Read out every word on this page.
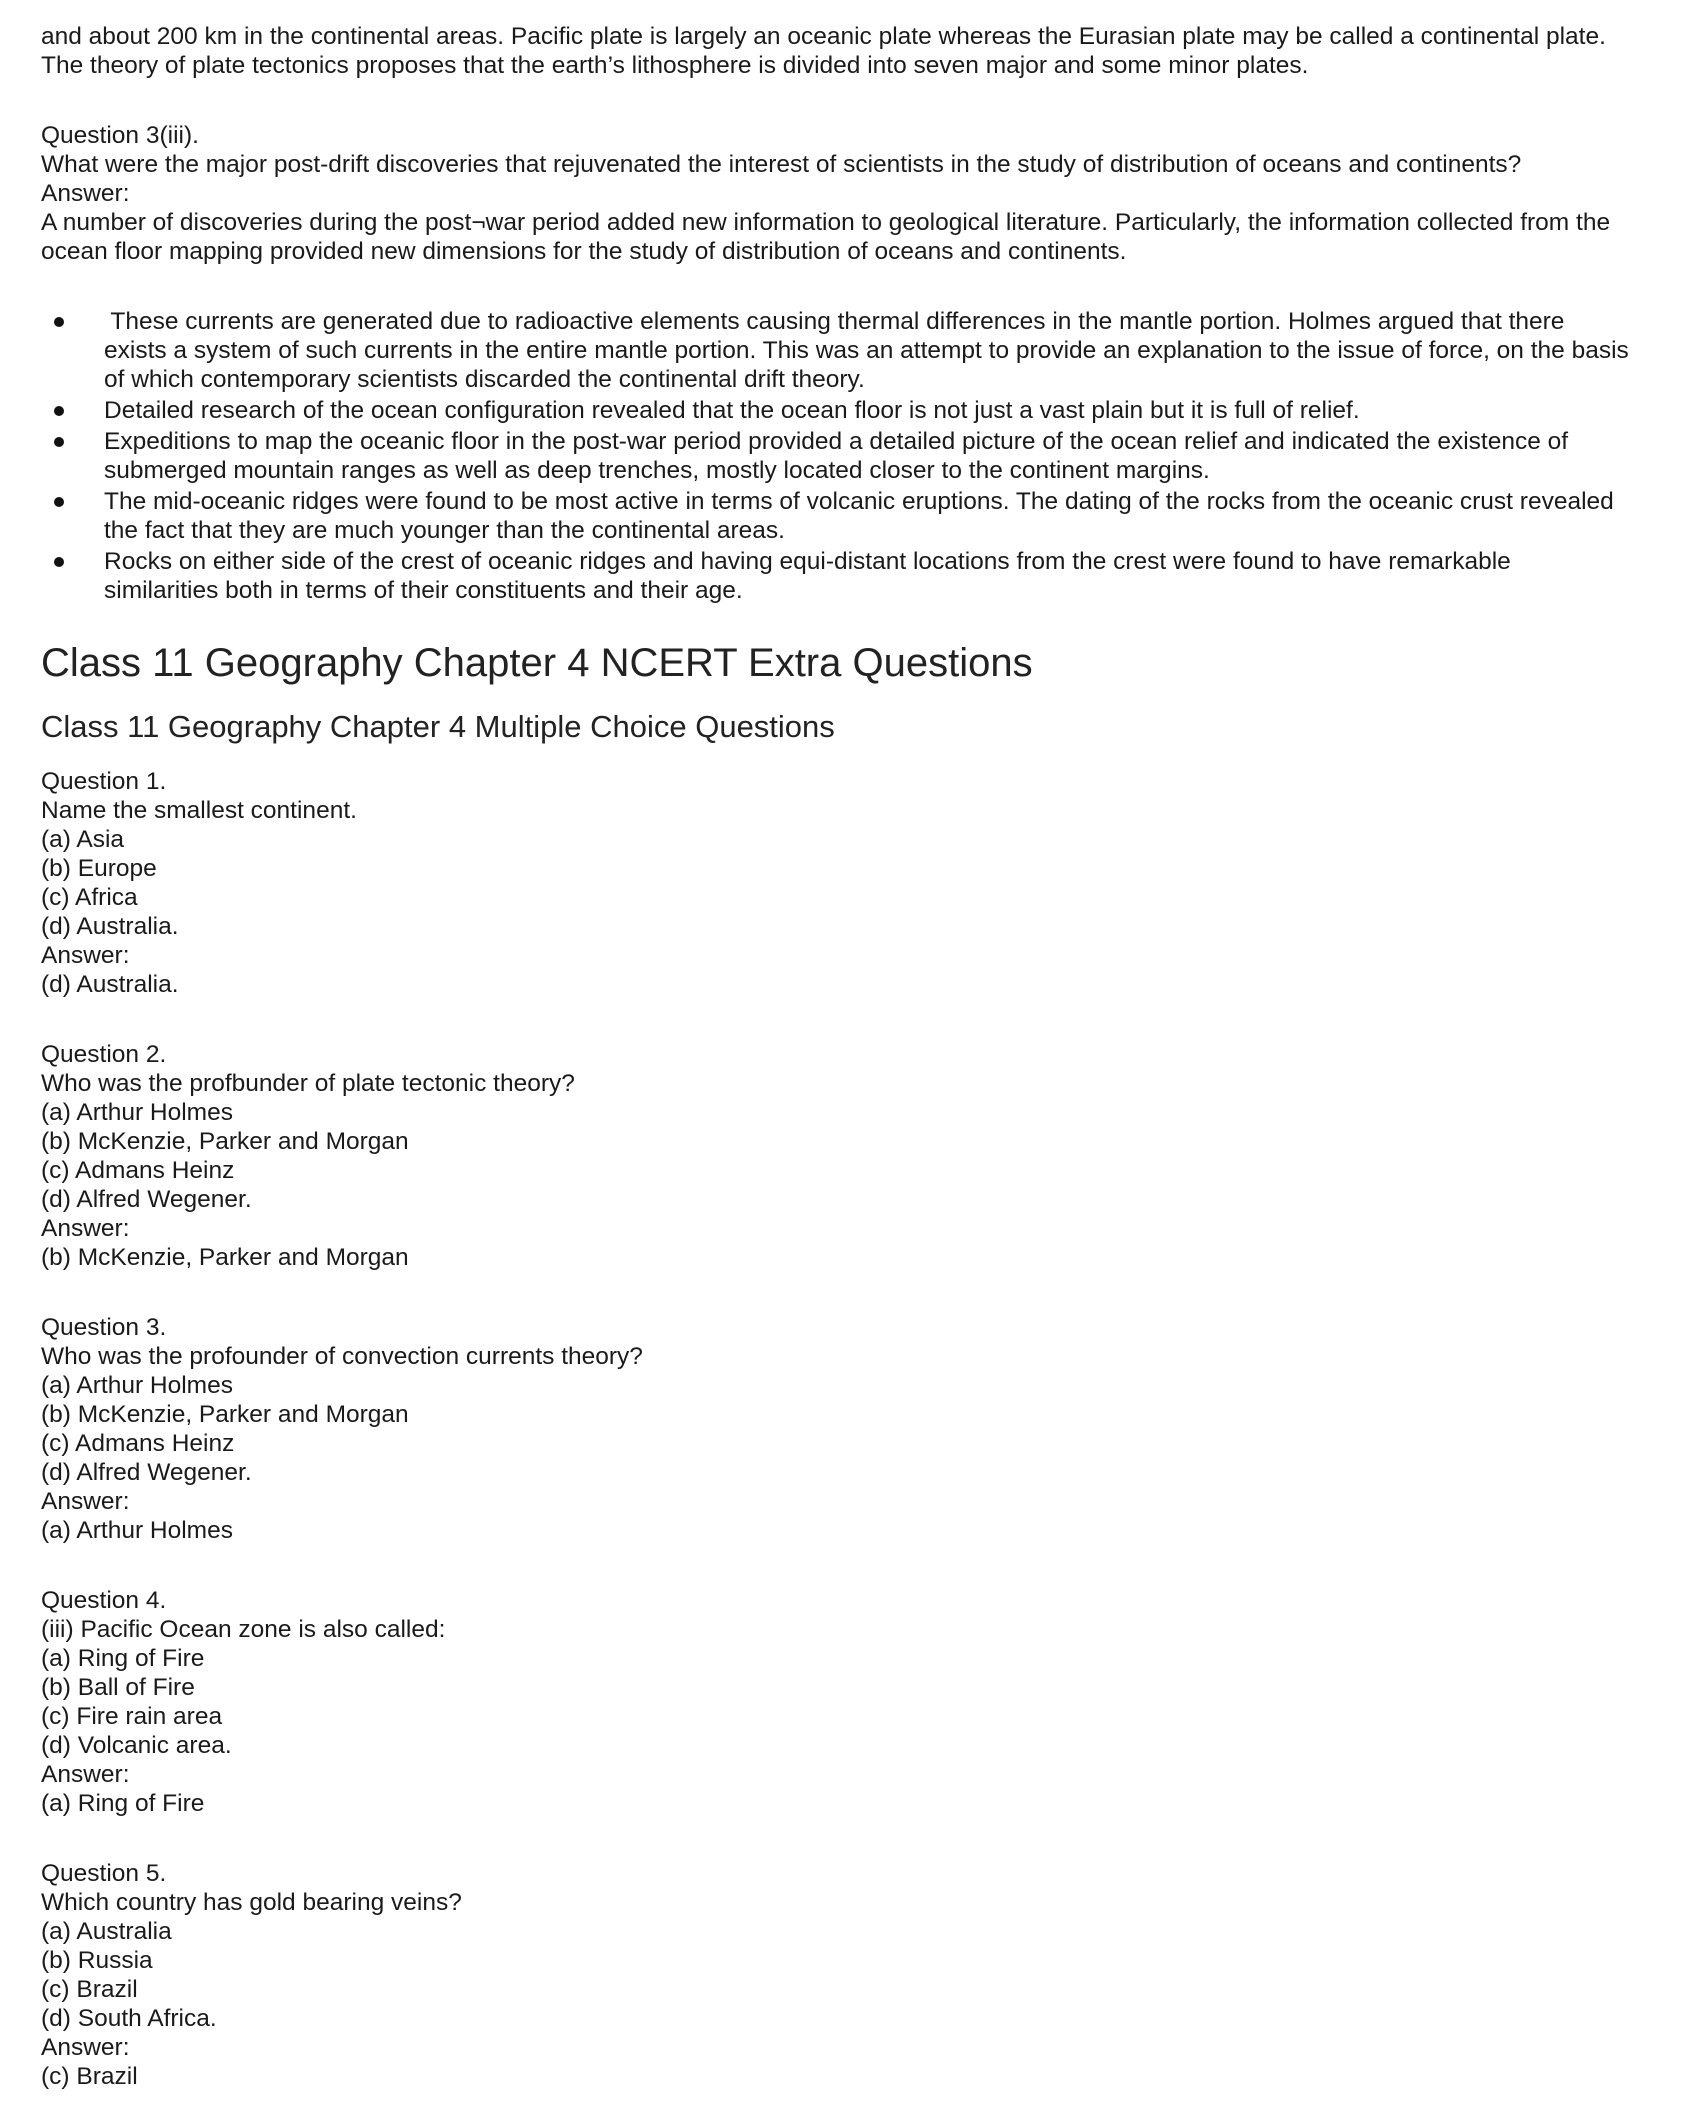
and about 200 km in the continental areas. Pacific plate is largely an oceanic plate whereas the Eurasian plate may be called a continental plate.
The theory of plate tectonics proposes that the earth’s lithosphere is divided into seven major and some minor plates.

Question 3(iii).
What were the major post-drift discoveries that rejuvenated the interest of scientists in the study of distribution of oceans and continents?
Answer:
A number of discoveries during the post¬war period added new information to geological literature. Particularly, the information collected from the
ocean floor mapping provided new dimensions for the study of distribution of oceans and continents.
These currents are generated due to radioactive elements causing thermal differences in the mantle portion. Holmes argued that there
exists a system of such currents in the entire mantle portion. This was an attempt to provide an explanation to the issue of force, on the basis
of which contemporary scientists discarded the continental drift theory.
Detailed research of the ocean configuration revealed that the ocean floor is not just a vast plain but it is full of relief.
Expeditions to map the oceanic floor in the post-war period provided a detailed picture of the ocean relief and indicated the existence of
submerged mountain ranges as well as deep trenches, mostly located closer to the continent margins.
The mid-oceanic ridges were found to be most active in terms of volcanic eruptions. The dating of the rocks from the oceanic crust revealed
the fact that they are much younger than the continental areas.
Rocks on either side of the crest of oceanic ridges and having equi-distant locations from the crest were found to have remarkable
similarities both in terms of their constituents and their age.
Class 11 Geography Chapter 4 NCERT Extra Questions
Class 11 Geography Chapter 4 Multiple Choice Questions
Question 1.
Name the smallest continent.
(a) Asia
(b) Europe
(c) Africa
(d) Australia.
Answer:
(d) Australia.
Question 2.
Who was the profbunder of plate tectonic theory?
(a) Arthur Holmes
(b) McKenzie, Parker and Morgan
(c) Admans Heinz
(d) Alfred Wegener.
Answer:
(b) McKenzie, Parker and Morgan
Question 3.
Who was the profounder of convection currents theory?
(a) Arthur Holmes
(b) McKenzie, Parker and Morgan
(c) Admans Heinz
(d) Alfred Wegener.
Answer:
(a) Arthur Holmes
Question 4.
(iii) Pacific Ocean zone is also called:
(a) Ring of Fire
(b) Ball of Fire
(c) Fire rain area
(d) Volcanic area.
Answer:
(a) Ring of Fire
Question 5.
Which country has gold bearing veins?
(a) Australia
(b) Russia
(c) Brazil
(d) South Africa.
Answer:
(c) Brazil
